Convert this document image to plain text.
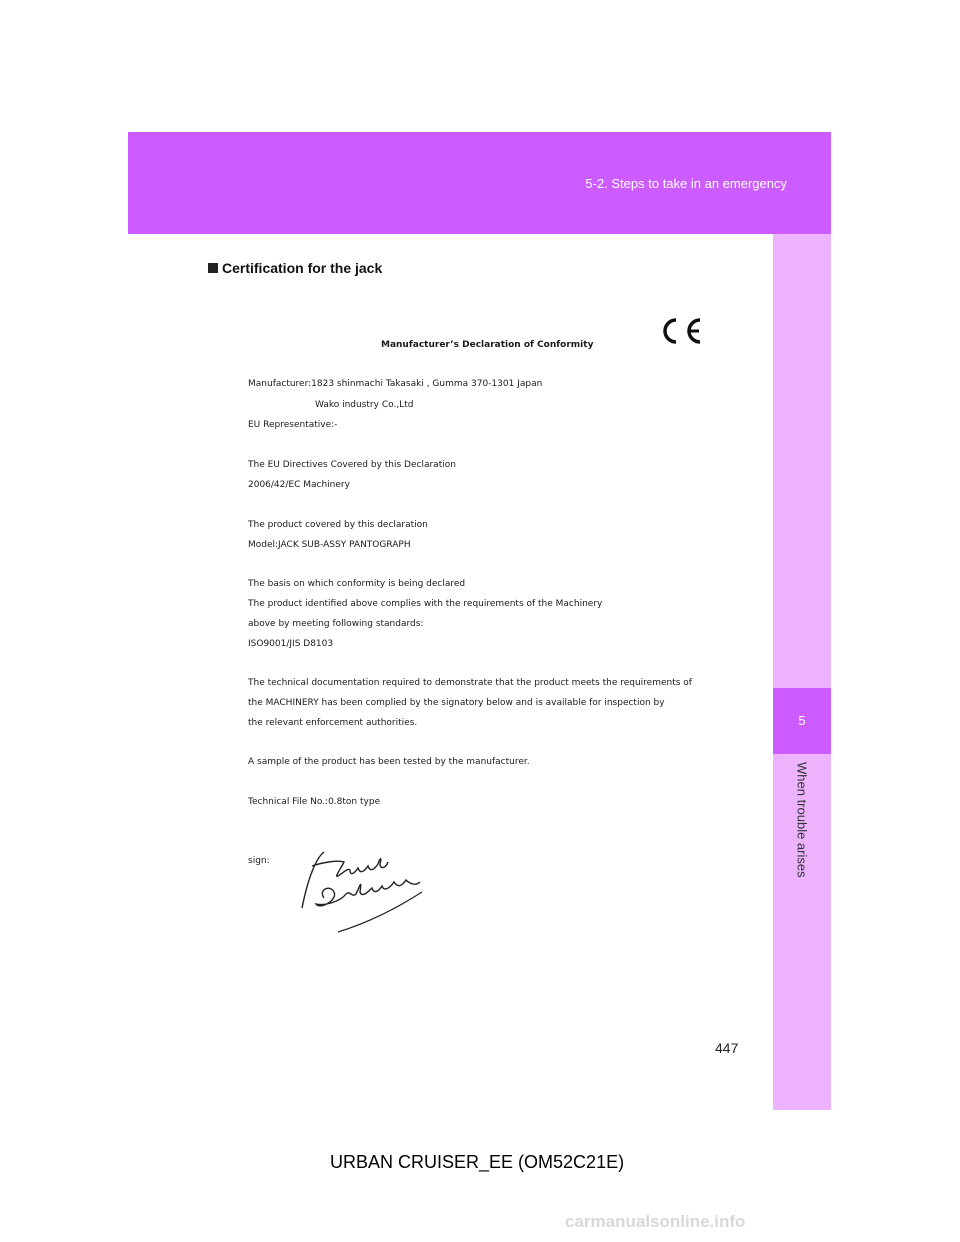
5-2. Steps to take in an emergency
5
When trouble arises
Certification for the jack
Manufacturer’s Declaration of Conformity
Manufacturer:1823 shinmachi Takasaki , Gumma 370-1301 Japan
Wako industry Co.,Ltd
EU Representative:-
The EU Directives Covered by this Declaration
2006/42/EC Machinery
The product covered by this declaration
Model:JACK SUB-ASSY PANTOGRAPH
The basis on which conformity is being declared
The product identified above complies with the requirements of the Machinery
above by meeting following standards:
ISO9001/JIS D8103
The technical documentation required to demonstrate that the product meets the requirements of
the MACHINERY has been complied by the signatory below and is available for inspection by
the relevant enforcement authorities.
A sample of the product has been tested by the manufacturer.
Technical File No.:0.8ton type
sign:
447
URBAN CRUISER_EE (OM52C21E)
carmanualsonline.info
